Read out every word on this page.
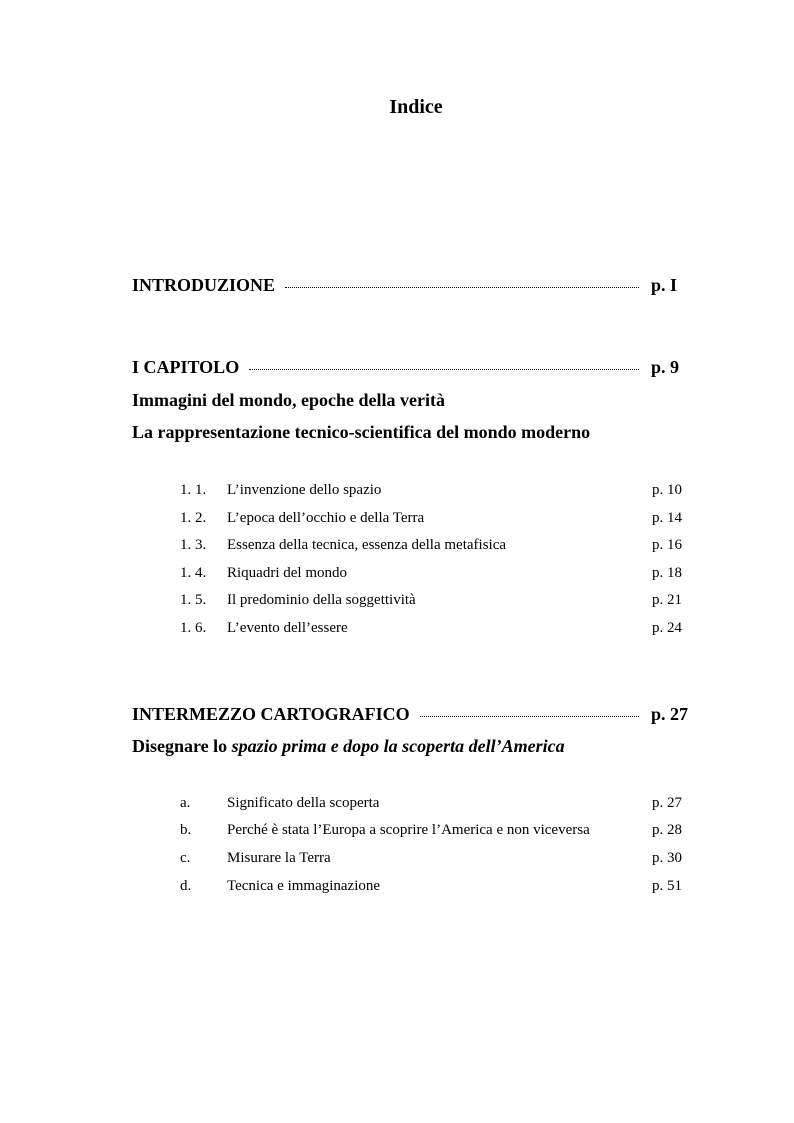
Indice
INTRODUZIONE	p. I
I CAPITOLO	p. 9
Immagini del mondo, epoche della verità
La rappresentazione tecnico-scientifica del mondo moderno
1. 1.	L’invenzione dello spazio	p. 10
1. 2.	L’epoca dell’occhio e della Terra	p. 14
1. 3.	Essenza della tecnica, essenza della metafisica	p. 16
1. 4.	Riquadri del mondo	p. 18
1. 5.	Il predominio della soggettività	p. 21
1. 6.	L’evento dell’essere	p. 24
INTERMEZZO CARTOGRAFICO	p. 27
Disegnare lo spazio prima e dopo la scoperta dell’America
a.	Significato della scoperta	p. 27
b.	Perché è stata l’Europa a scoprire l’America e non viceversa	p. 28
c.	Misurare la Terra	p. 30
d.	Tecnica e immaginazione	p. 51
